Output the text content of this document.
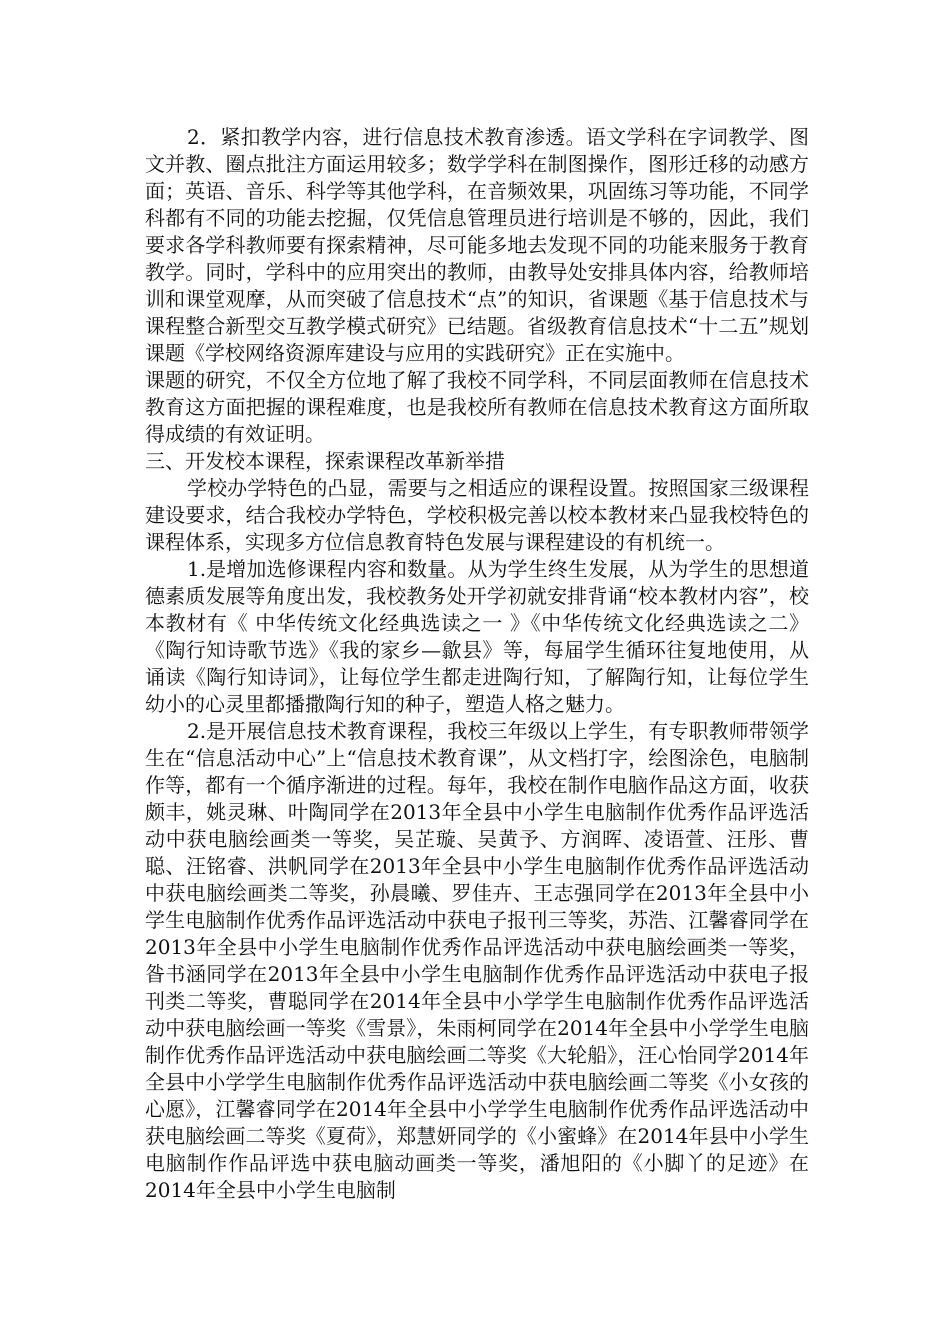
2．紧扣教学内容，进行信息技术教育渗透。语文学科在字词教学、图文并教、圈点批注方面运用较多；数学学科在制图操作，图形迁移的动感方面；英语、音乐、科学等其他学科，在音频效果，巩固练习等功能，不同学科都有不同的功能去挖掘，仅凭信息管理员进行培训是不够的，因此，我们要求各学科教师要有探索精神，尽可能多地去发现不同的功能来服务于教育教学。同时，学科中的应用突出的教师，由教导处安排具体内容，给教师培训和课堂观摩，从而突破了信息技术“点”的知识，省课题《基于信息技术与课程整合新型交互教学模式研究》已结题。省级教育信息技术“十二五”规划课题《学校网络资源库建设与应用的实践研究》正在实施中。

课题的研究，不仅全方位地了解了我校不同学科，不同层面教师在信息技术教育这方面把握的课程难度，也是我校所有教师在信息技术教育这方面所取得成绩的有效证明。

三、开发校本课程，探索课程改革新举措

学校办学特色的凸显，需要与之相适应的课程设置。按照国家三级课程建设要求，结合我校办学特色，学校积极完善以校本教材来凸显我校特色的课程体系，实现多方位信息教育特色发展与课程建设的有机统一。

1.是增加选修课程内容和数量。从为学生终生发展，从为学生的思想道德素质发展等角度出发，我校教务处开学初就安排背诵“校本教材内容”，校本教材有《 中华传统文化经典选读之一 》《中华传统文化经典选读之二》《陶行知诗歌节选》《我的家乡—歙县》等，每届学生循环往复地使用，从诵读《陶行知诗词》，让每位学生都走进陶行知，了解陶行知，让每位学生幼小的心灵里都播撒陶行知的种子，塑造人格之魅力。

2.是开展信息技术教育课程，我校三年级以上学生，有专职教师带领学生在“信息活动中心”上“信息技术教育课”，从文档打字，绘图涂色，电脑制作等，都有一个循序渐进的过程。每年，我校在制作电脑作品这方面，收获颇丰，姚灵琳、叶陶同学在2013年全县中小学生电脑制作优秀作品评选活动中获电脑绘画类一等奖，吴芷璇、吴黄予、方润晖、凌语萱、汪彤、曹聪、汪铭睿、洪帆同学在2013年全县中小学生电脑制作优秀作品评选活动中获电脑绘画类二等奖，孙晨曦、罗佳卉、王志强同学在2013年全县中小学生电脑制作优秀作品评选活动中获电子报刊三等奖，苏浩、江馨睿同学在2013年全县中小学生电脑制作优秀作品评选活动中获电脑绘画类一等奖，昝书涵同学在2013年全县中小学生电脑制作优秀作品评选活动中获电子报刊类二等奖，曹聪同学在2014年全县中小学学生电脑制作优秀作品评选活动中获电脑绘画一等奖《雪景》，朱雨柯同学在2014年全县中小学学生电脑制作优秀作品评选活动中获电脑绘画二等奖《大轮船》，汪心怡同学2014年全县中小学学生电脑制作优秀作品评选活动中获电脑绘画二等奖《小女孩的心愿》，江馨睿同学在2014年全县中小学学生电脑制作优秀作品评选活动中获电脑绘画二等奖《夏荷》，郑慧妍同学的《小蜜蜂》在2014年县中小学生电脑制作作品评选中获电脑动画类一等奖，潘旭阳的《小脚丫的足迹》在2014年全县中小学生电脑制
